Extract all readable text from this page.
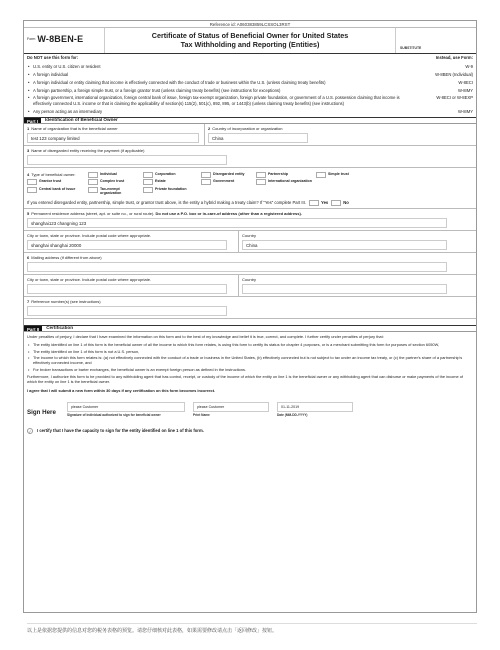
Reference id: A060383859LCSSOL3RST
Form W-8BEN-E	Certificate of Status of Beneficial Owner for United States
Tax Withholding and Reporting (Entities)	SUBSTITUTE
Do NOT use this form for:	Instead, use Form:
• U.S. entity or U.S. citizen or resident	W-9
• A foreign individual	W-8BEN (Individual)
• A foreign individual or entity claiming that income is effectively connected with the conduct of trade or business within the U.S. (unless claiming treaty benefits)	W-8ECI
• A foreign partnership, a foreign simple trust, or a foreign grantor trust (unless claiming treaty benefits) (see instructions for exceptions)	W-8IMY
• A foreign government, international organization, foreign central bank of issue, foreign tax-exempt organization, foreign private foundation, or government of a U.S. possession claiming that income is effectively connected U.S. income or that is claiming the applicability of section(s) 115(2), 501(c), 892, 895, or 1443(b) (unless claiming treaty benefits) (see instructions)
W-8ECI or W-8EXP
• Any person acting as an intermediary	W-8IMY
Part I	Identification of Beneficial Owner
1 Name of organization that is the beneficial owner
test 123 company limited
2 Country of incorporation or organization
China
3 Name of disregarded entity receiving the payment (if applicable)
4 Type of beneficial owner:	Individual	Corporation	Disregarded entity	Partnership	Simple trust
Grantor trust	Complex trust	Estate	Government	International organization
Central bank of issue	Tax-exempt organization
Private foundation
If you entered disregarded entity, partnership, simple trust, or grantor trust above, is the entity a hybrid making a treaty claim? If "Yes" complete Part III.	Yes	No
5 Permanent residence address (street, apt. or suite no., or rural route). Do not use a P.O. box or in-care-of address (other than a registered address).
shanghai123 changning 123
City or town, state or province. Include postal code where appropriate.
shanghai shanghai 20000
Country
China
6 Mailing address (if different from above)
City or town, state or province. Include postal code where appropriate.	Country
7 Reference number(s) (see instructions)
Part II	Certification
Under penalties of perjury, I declare that I have examined the information on this form and to the best of my knowledge and belief it is true, correct, and complete. I further certify under penalties of perjury that:
• The entity identified on line 1 of this form is the beneficial owner of all the income to which this form relates, is using this form to certify its status for chapter 4 purposes, or is a merchant submitting this form for purposes of section 6050W,
• The entity identified on line 1 of this form is not a U.S. person,
• The income to which this form relates is: (a) not effectively connected with the conduct of a trade or business in the United States, (b) effectively connected but is not subject to tax under an income tax treaty, or (c) the partner's share of a partnership's effectively connected income, and
• For broker transactions or barter exchanges, the beneficial owner is an exempt foreign person as defined in the instructions.
Furthermore, I authorize this form to be provided to any withholding agent that has control, receipt, or custody of the income of which the entity on line 1 is the beneficial owner or any withholding agent that can disburse or make payments of the income of which the entity on line 1 is the beneficial owner.
I agree that I will submit a new form within 30 days if any certification on this form becomes incorrect.
Sign Here
please Customer
Signature of individual authorized to sign for beneficial owner
please Customer
Print Name
01-11-2019
Date (MM-DD-YYYY)
✓	I certify that I have the capacity to sign for the entity identified on line 1 of this form.
以上是依据您提供的信息对您的税务表格的预览。请您仔细核对此表格，如果需要修改请点击「返回修改」按钮。
